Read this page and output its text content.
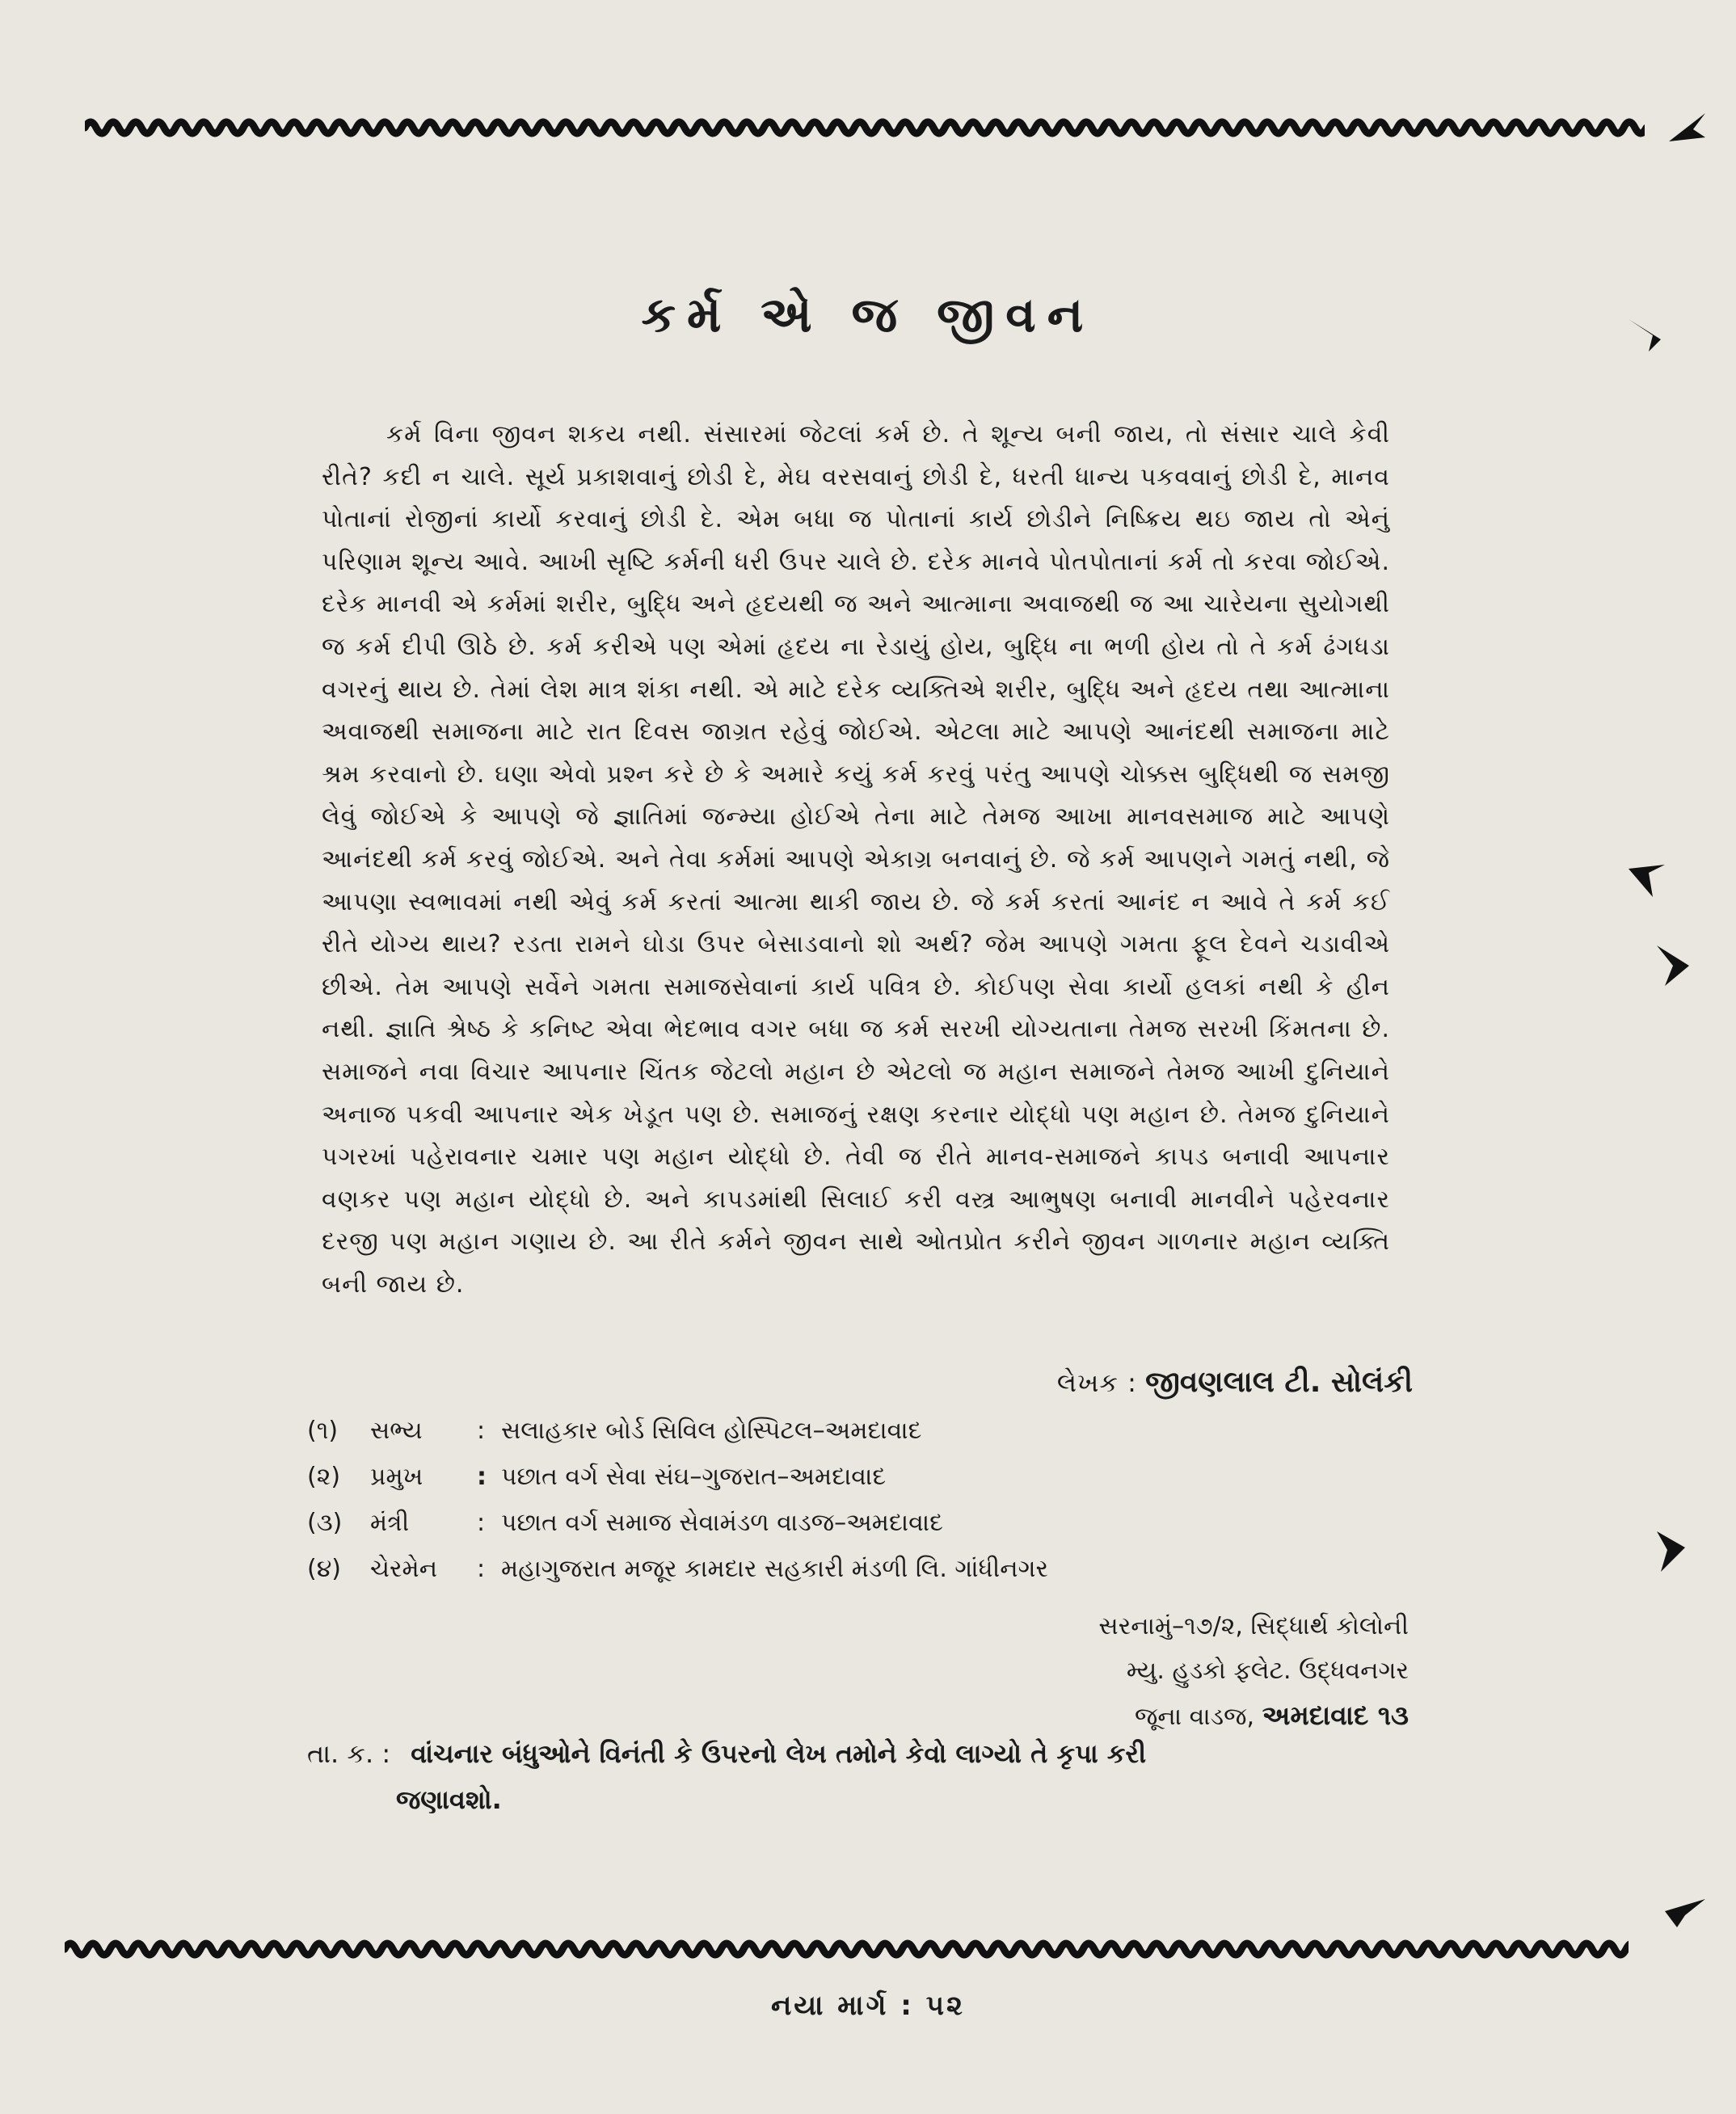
કર્મ એ જ જીવન
કર્મ વિના જીવન શકય નથી. સંસારમાં જેટલાં કર્મ છે. તે શૂન્ય બની જાય, તો સંસાર ચાલે કેવી રીતે? કદી ન ચાલે. સૂર્ય પ્રકાશવાનું છોડી દે, મેઘ વરસવાનું છોડી દે, ધરતી ધાન્ય પકવવાનું છોડી દે, માનવ પોતાનાં રોજીનાં કાર્યો કરવાનું છોડી દે. એમ બધા જ પોતાનાં કાર્ય છોડીને નિષ્ક્રિય થઇ જાય તો એનું પરિણામ શૂન્ય આવે. આખી સૃષ્ટિ કર્મની ધરી ઉપર ચાલે છે. દરેક માનવે પોતપોતાનાં કર્મ તો કરવા જોઈએ. દરેક માનવી એ કર્મમાં શરીર, બુદ્ધિ અને હૃદયથી જ અને આત્માના અવાજથી જ આ ચારેયના સુયોગથી જ કર્મ દીપી ઊઠે છે. કર્મ કરીએ પણ એમાં હૃદય ના રેડાયું હોય, બુદ્ધિ ના ભળી હોય તો તે કર્મ ઢંગધડા વગરનું થાય છે. તેમાં લેશ માત્ર શંકા નથી. એ માટે દરેક વ્યક્તિએ શરીર, બુદ્ધિ અને હૃદય તથા આત્માના અવાજથી સમાજના માટે રાત દિવસ જાગ્રત રહેવું જોઈએ. એટલા માટે આપણે આનંદથી સમાજના માટે શ્રમ કરવાનો છે. ઘણા એવો પ્રશ્ન કરે છે કે અમારે કયું કર્મ કરવું પરંતુ આપણે ચોક્કસ બુદ્ધિથી જ સમજી લેવું જોઈએ કે આપણે જે જ્ઞાતિમાં જન્મ્યા હોઈએ તેના માટે તેમજ આખા માનવસમાજ માટે આપણે આનંદથી કર્મ કરવું જોઈએ. અને તેવા કર્મમાં આપણે એકાગ્ર બનવાનું છે. જે કર્મ આપણને ગમતું નથી, જે આપણા સ્વભાવમાં નથી એવું કર્મ કરતાં આત્મા થાકી જાય છે. જે કર્મ કરતાં આનંદ ન આવે તે કર્મ કઈ રીતે યોગ્ય થાય? રડતા રામને ઘોડા ઉપર બેસાડવાનો શો અર્થ? જેમ આપણે ગમતા ફૂલ દેવને ચડાવીએ છીએ. તેમ આપણે સર્વેને ગમતા સમાજસેવાનાં કાર્ય પવિત્ર છે. કોઈપણ સેવા કાર્યો હલકાં નથી કે હીન નથી. જ્ઞાતિ શ્રેષ્ઠ કે કનિષ્ટ એવા ભેદભાવ વગર બધા જ કર્મ સરખી યોગ્યતાના તેમજ સરખી કિંમતના છે. સમાજને નવા વિચાર આપનાર ચિંતક જેટલો મહાન છે એટલો જ મહાન સમાજને તેમજ આખી દુનિયાને અનાજ પકવી આપનાર એક ખેડૂત પણ છે. સમાજનું રક્ષણ કરનાર યોદ્ધો પણ મહાન છે. તેમજ દુનિયાને પગરખાં પહેરાવનાર ચમાર પણ મહાન યોદ્ધો છે. તેવી જ રીતે માનવ-સમાજને કાપડ બનાવી આપનાર વણકર પણ મહાન યોદ્ધો છે. અને કાપડમાંથી સિલાઈ કરી વસ્ત્ર આભુષણ બનાવી માનવીને પહેરવનાર દરજી પણ મહાન ગણાય છે. આ રીતે કર્મને જીવન સાથે ઓતપ્રોત કરીને જીવન ગાળનાર મહાન વ્યક્તિ બની જાય છે.
લેખક : જીવણલાલ ટી. સોલંકી
(૧)	સભ્ય	: સલાહકાર બોર્ડ સિવિલ હોસ્પિટલ–અમદાવાદ
(૨)	પ્રમુખ	: પછાત વર્ગ સેવા સંઘ–ગુજરાત–અમદાવાદ
(૩)	મંત્રી	: પછાત વર્ગ સમાજ સેવામંડળ વાડજ–અમદાવાદ
(૪)	ચેરમેન	: મહાગુજરાત મજૂર કામદાર સહકારી મંડળી લિ. ગાંધીનગર
સરનામું–૧૭/૨, સિદ્ધાર્થ કોલોની
મ્યુ. હુડકો ફલેટ. ઉદ્ધવનગર
જૂના વાડજ, અમદાવાદ ૧૩
તા. ક. : વાંચનાર બંધુઓને વિનંતી કે ઉપરનો લેખ તમોને કેવો લાગ્યો તે કૃપા કરી
જણાવશો.
નયા માર્ગ : ૫૨
